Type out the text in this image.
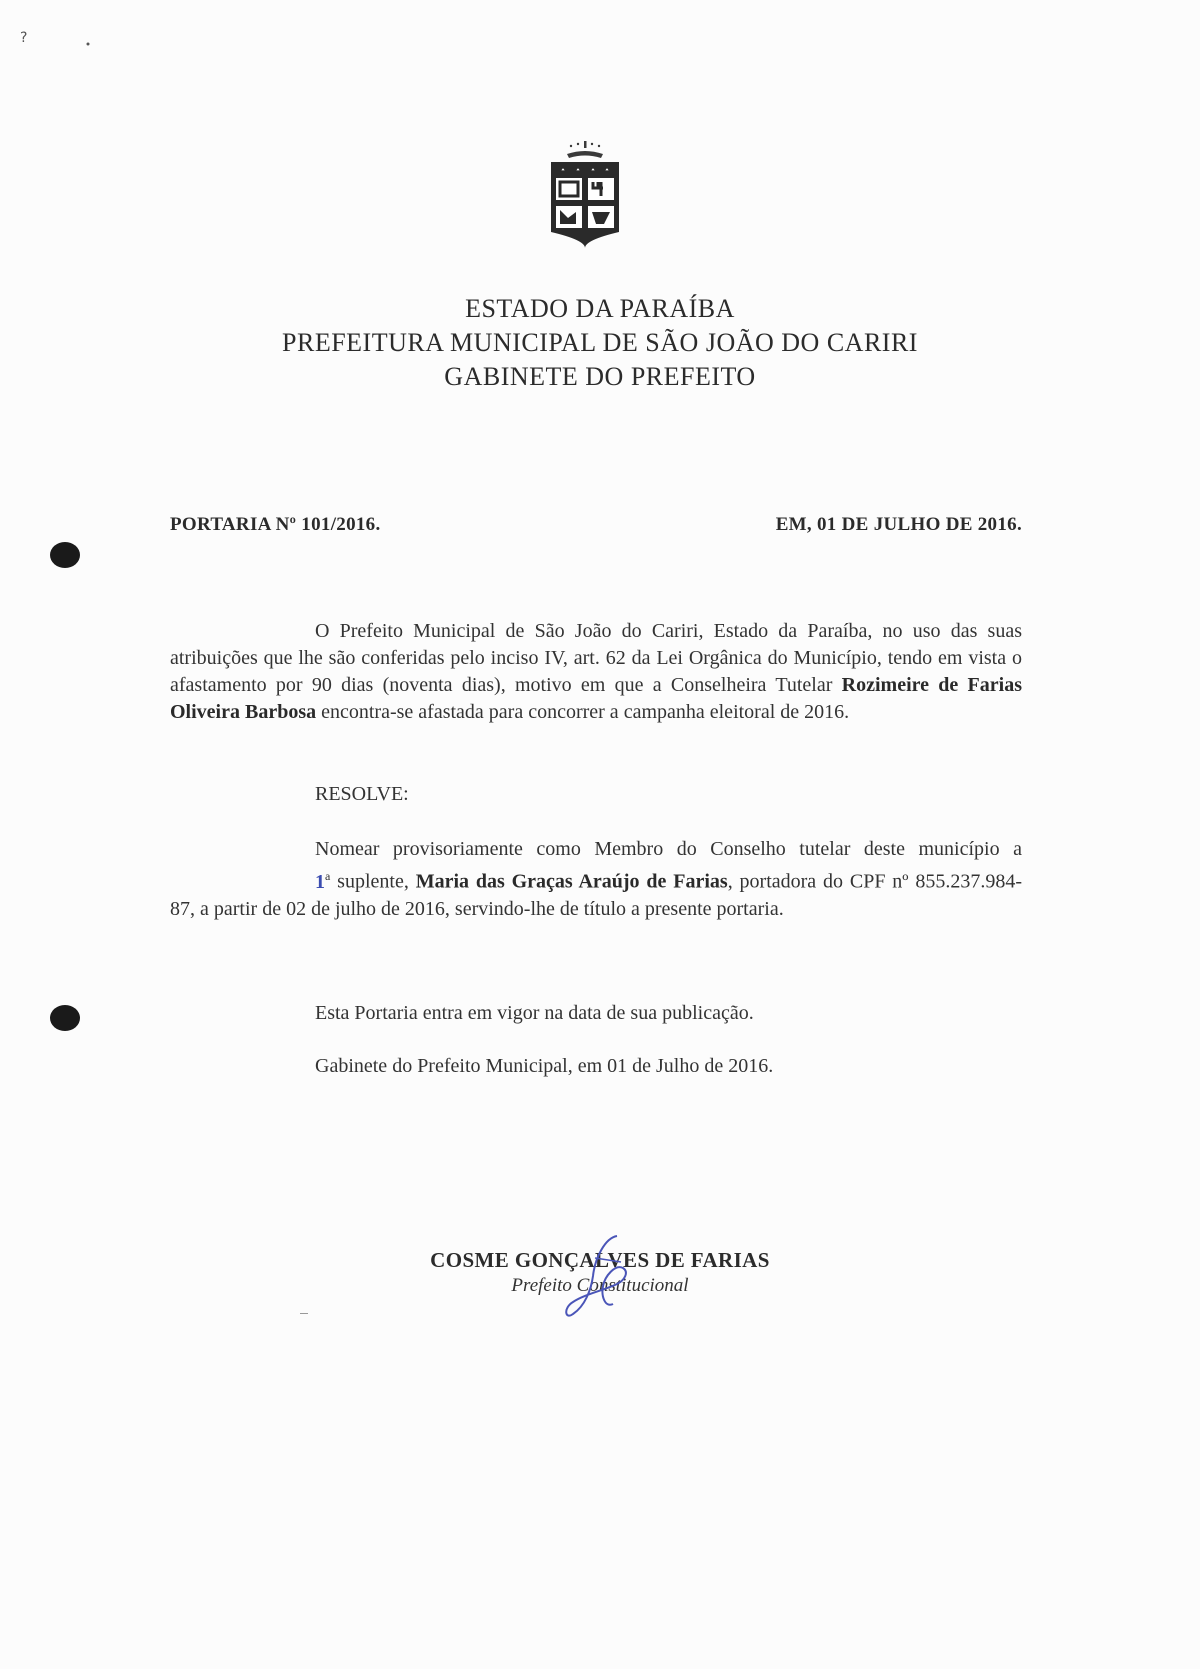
?
ESTADO DA PARAÍBA
PREFEITURA MUNICIPAL DE SÃO JOÃO DO CARIRI
GABINETE DO PREFEITO
PORTARIA Nº 101/2016.	EM, 01 DE JULHO DE 2016.
O Prefeito Municipal de São João do Cariri, Estado da Paraíba, no uso das suas atribuições que lhe são conferidas pelo inciso IV, art. 62 da Lei Orgânica do Município, tendo em vista o afastamento por 90 dias (noventa dias), motivo em que a Conselheira Tutelar Rozimeire de Farias Oliveira Barbosa encontra-se afastada para concorrer a campanha eleitoral de 2016.
RESOLVE:
Nomear provisoriamente como Membro do Conselho tutelar deste município a 1$^a$ suplente, Maria das Graças Araújo de Farias, portadora do CPF nº 855.237.984-87, a partir de 02 de julho de 2016, servindo-lhe de título a presente portaria.
Esta Portaria entra em vigor na data de sua publicação.
Gabinete do Prefeito Municipal, em 01 de Julho de 2016.
COSME GONÇALVES DE FARIAS
Prefeito Constitucional
